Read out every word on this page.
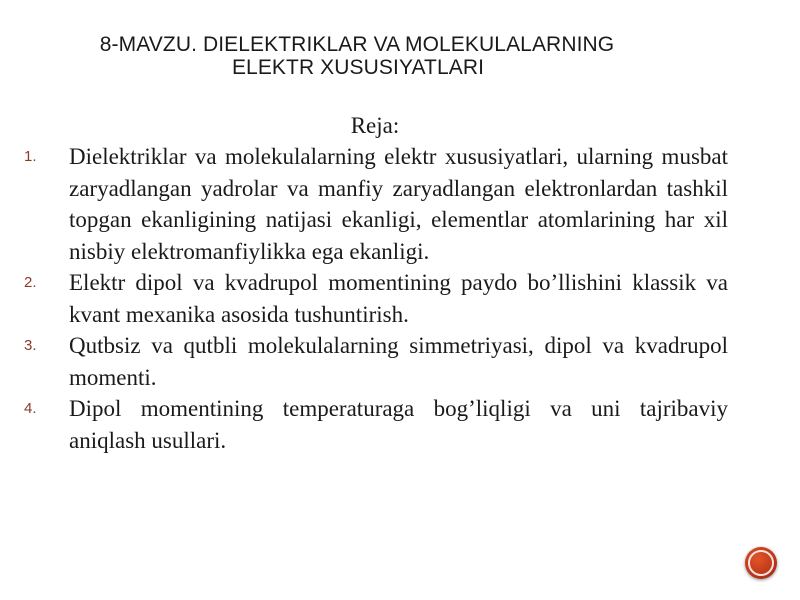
8-MAVZU. DIELEKTRIKLAR VA MOLEKULALARNING
ELEKTR XUSUSIYATLARI
Reja:
1. Dielektriklar va molekulalarning elektr xususiyatlari, ularning musbat zaryadlangan yadrolar va manfiy zaryadlangan elektronlardan tashkil topgan ekanligining natijasi ekanligi, elementlar atomlarining har xil nisbiy elektromanfiylikka ega ekanligi.
2. Elektr dipol va kvadrupol momentining paydo bo’llishini klassik va kvant mexanika asosida tushuntirish.
3. Qutbsiz va qutbli molekulalarning simmetriyasi, dipol va kvadrupol momenti.
4. Dipol momentining temperaturaga bog’liqligi va uni tajribaviy aniqlash usullari.
